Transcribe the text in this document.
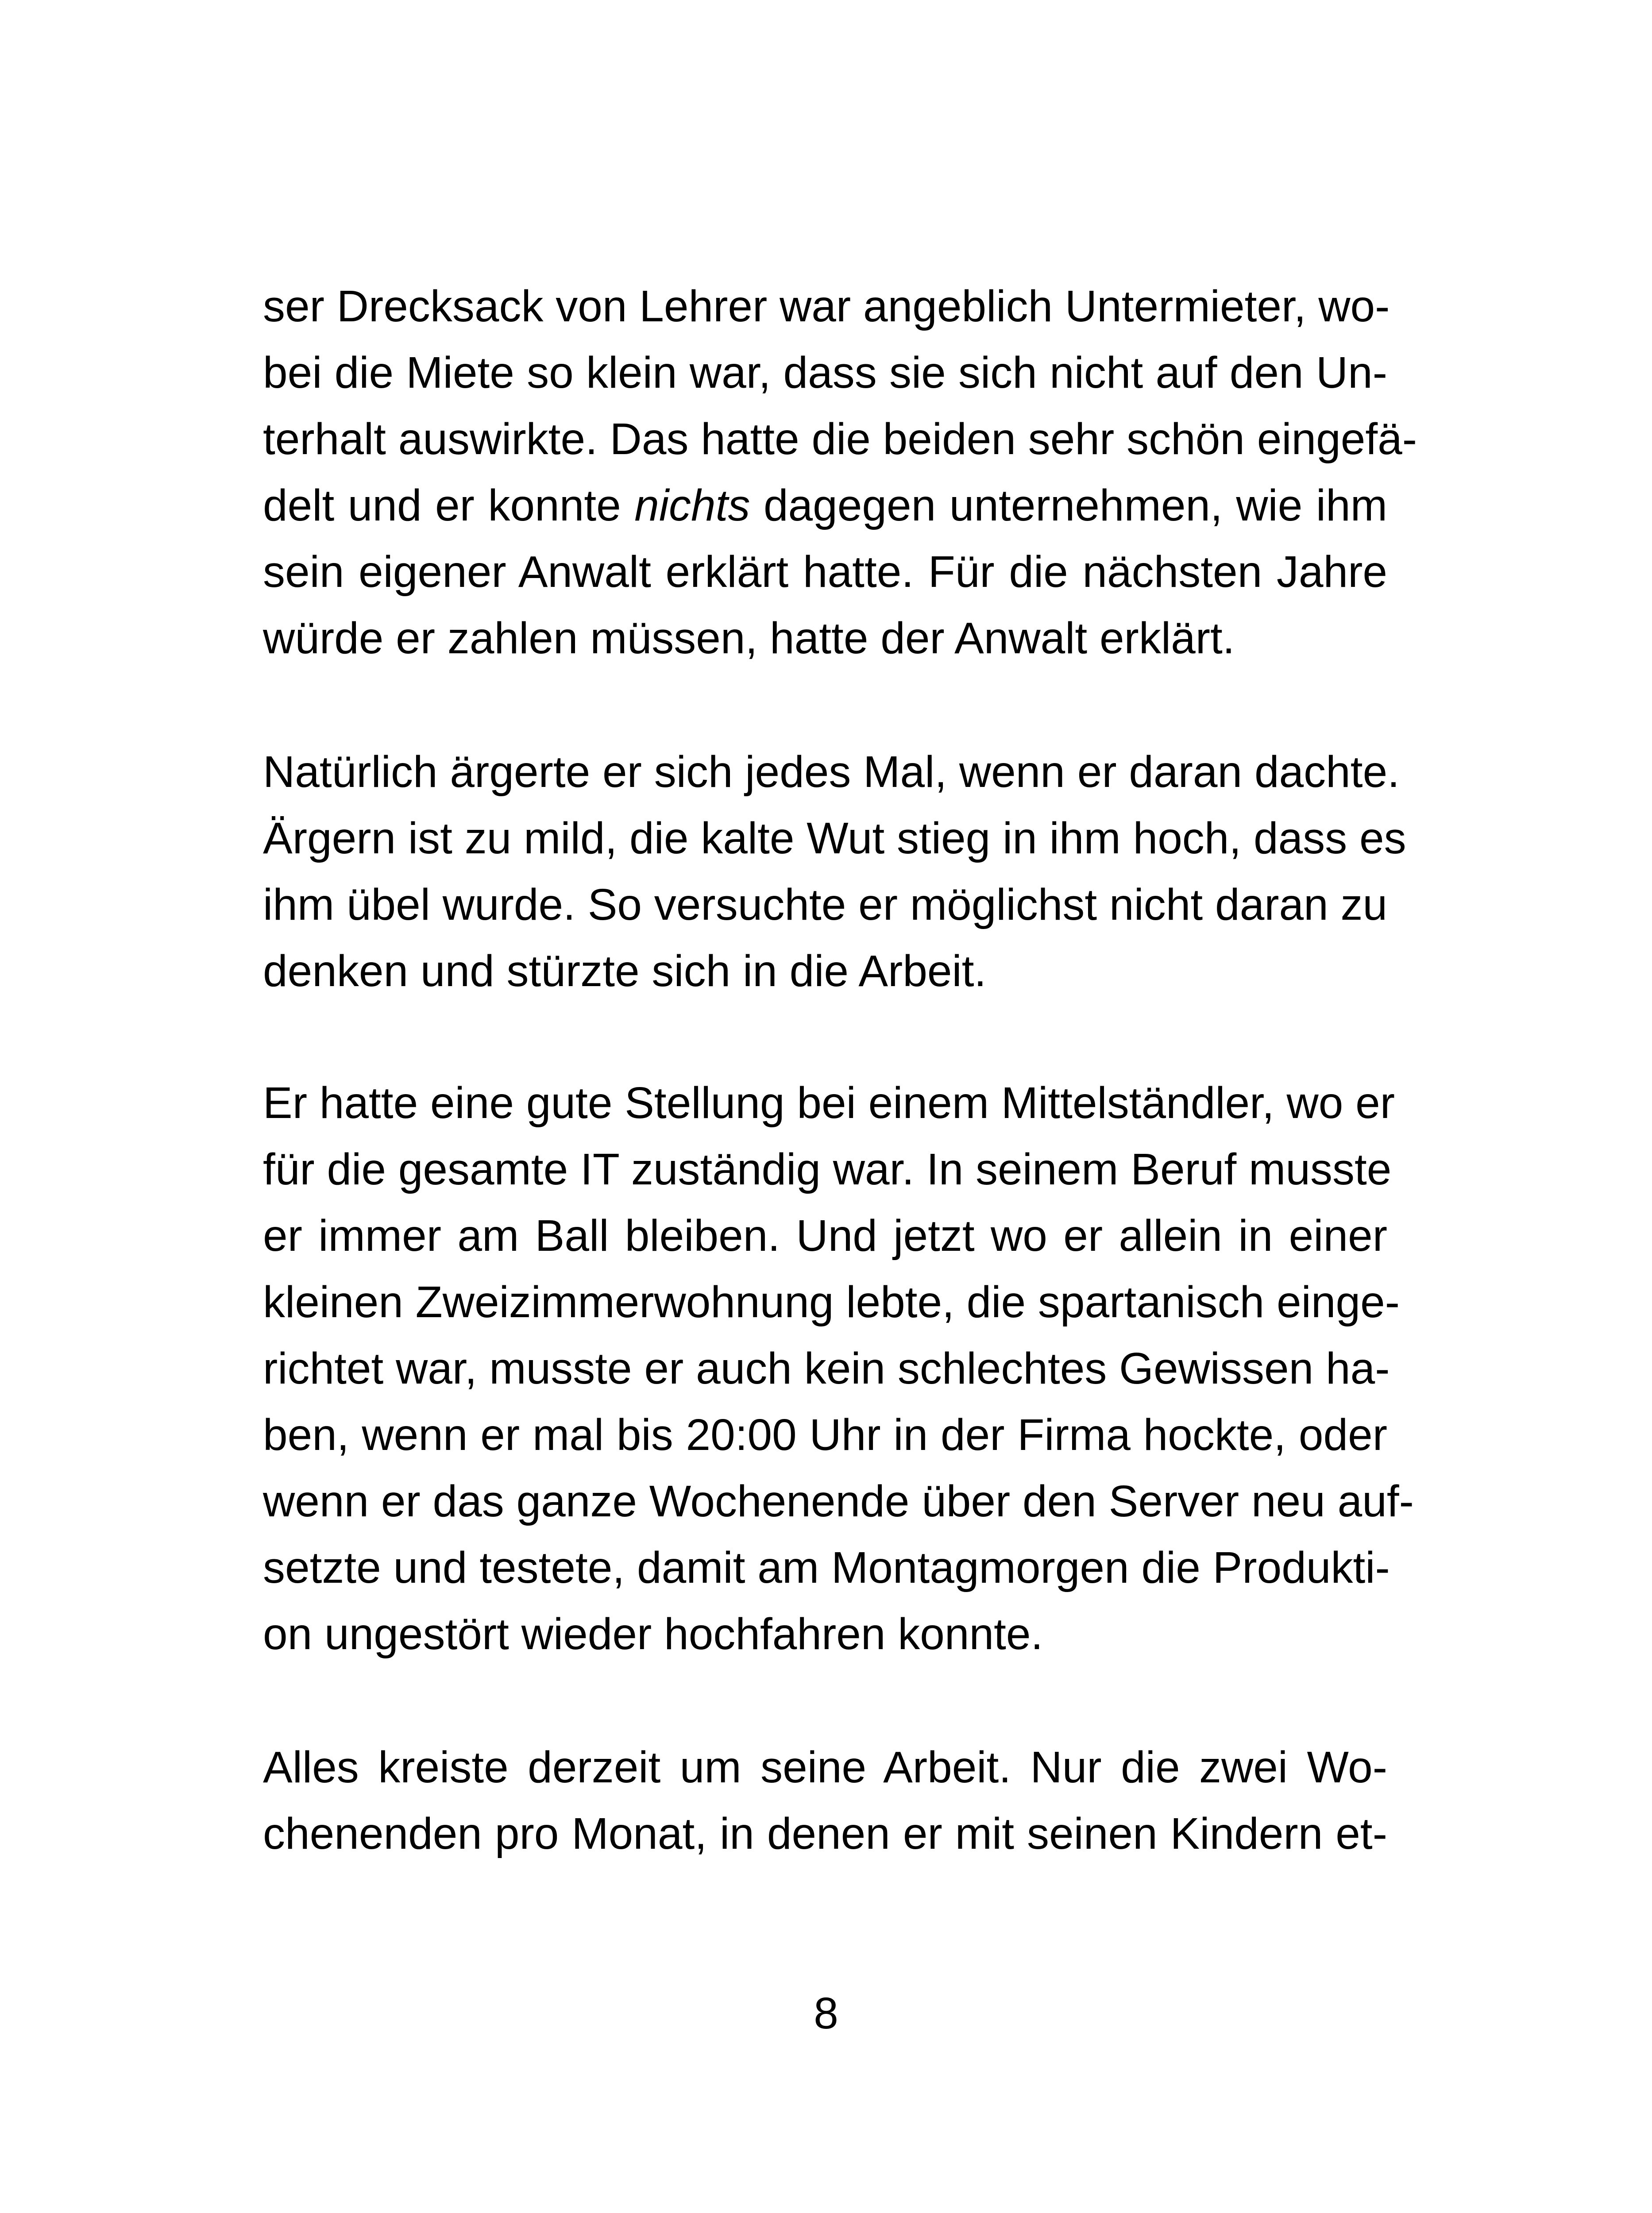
ser Drecksack von Lehrer war angeblich Untermieter, wo-
bei die Miete so klein war, dass sie sich nicht auf den Un-
terhalt auswirkte. Das hatte die beiden sehr schön eingefä-
delt und er konnte nichts dagegen unternehmen, wie ihm
sein eigener Anwalt erklärt hatte. Für die nächsten Jahre
würde er zahlen müssen, hatte der Anwalt erklärt.
Natürlich ärgerte er sich jedes Mal, wenn er daran dachte.
Ärgern ist zu mild, die kalte Wut stieg in ihm hoch, dass es
ihm übel wurde. So versuchte er möglichst nicht daran zu
denken und stürzte sich in die Arbeit.
Er hatte eine gute Stellung bei einem Mittelständler, wo er
für die gesamte IT zuständig war. In seinem Beruf musste
er immer am Ball bleiben. Und jetzt wo er allein in einer
kleinen Zweizimmerwohnung lebte, die spartanisch einge-
richtet war, musste er auch kein schlechtes Gewissen ha-
ben, wenn er mal bis 20:00 Uhr in der Firma hockte, oder
wenn er das ganze Wochenende über den Server neu auf-
setzte und testete, damit am Montagmorgen die Produkti-
on ungestört wieder hochfahren konnte.
Alles kreiste derzeit um seine Arbeit. Nur die zwei Wo-
chenenden pro Monat, in denen er mit seinen Kindern et-
8
